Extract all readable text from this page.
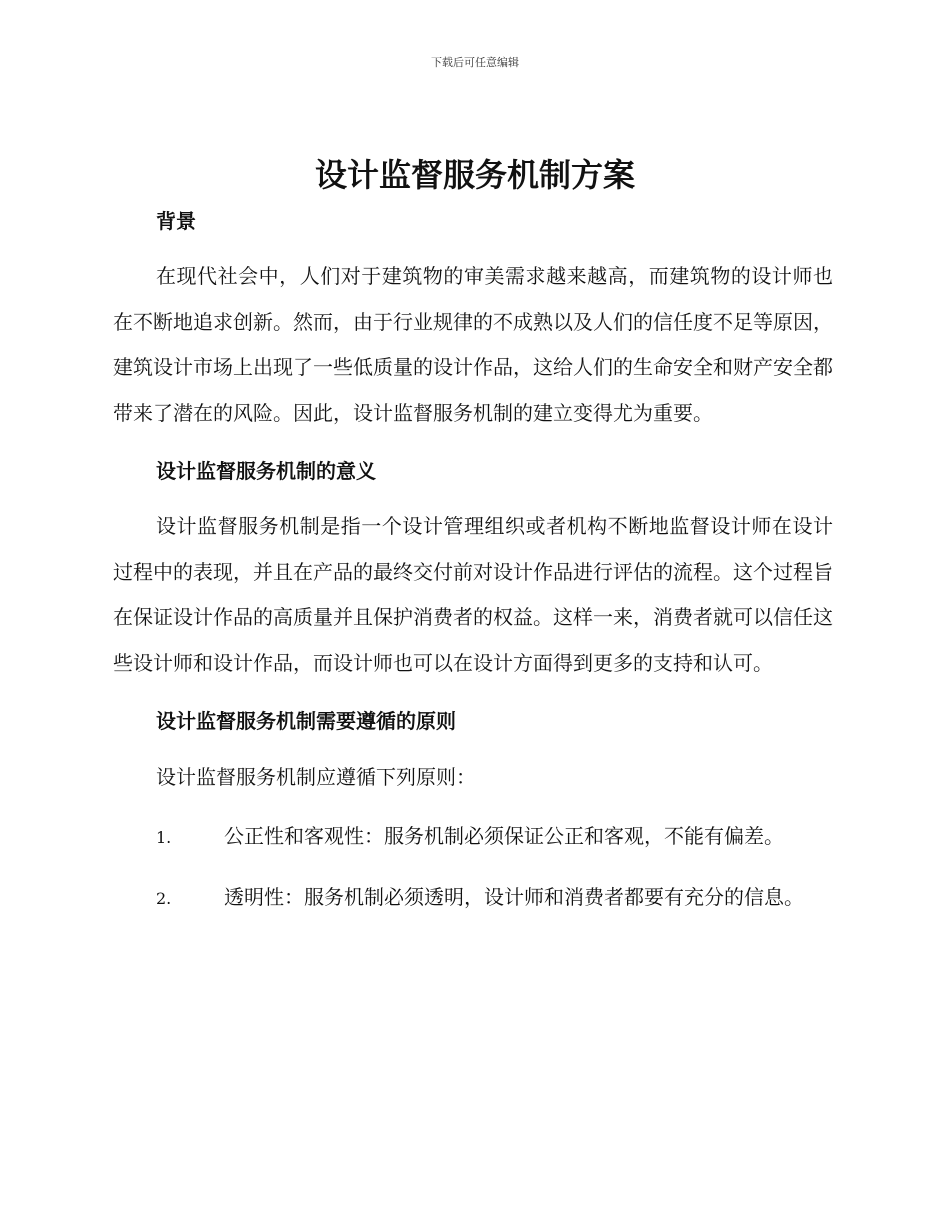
下载后可任意编辑
设计监督服务机制方案

背景

在现代社会中，人们对于建筑物的审美需求越来越高，而建筑物的设计师也在不断地追求创新。然而，由于行业规律的不成熟以及人们的信任度不足等原因，建筑设计市场上出现了一些低质量的设计作品，这给人们的生命安全和财产安全都带来了潜在的风险。因此，设计监督服务机制的建立变得尤为重要。

设计监督服务机制的意义

设计监督服务机制是指一个设计管理组织或者机构不断地监督设计师在设计过程中的表现，并且在产品的最终交付前对设计作品进行评估的流程。这个过程旨在保证设计作品的高质量并且保护消费者的权益。这样一来，消费者就可以信任这些设计师和设计作品，而设计师也可以在设计方面得到更多的支持和认可。

设计监督服务机制需要遵循的原则

设计监督服务机制应遵循下列原则：

1.	公正性和客观性：服务机制必须保证公正和客观，不能有偏差。

2.	透明性：服务机制必须透明，设计师和消费者都要有充分的信息。
